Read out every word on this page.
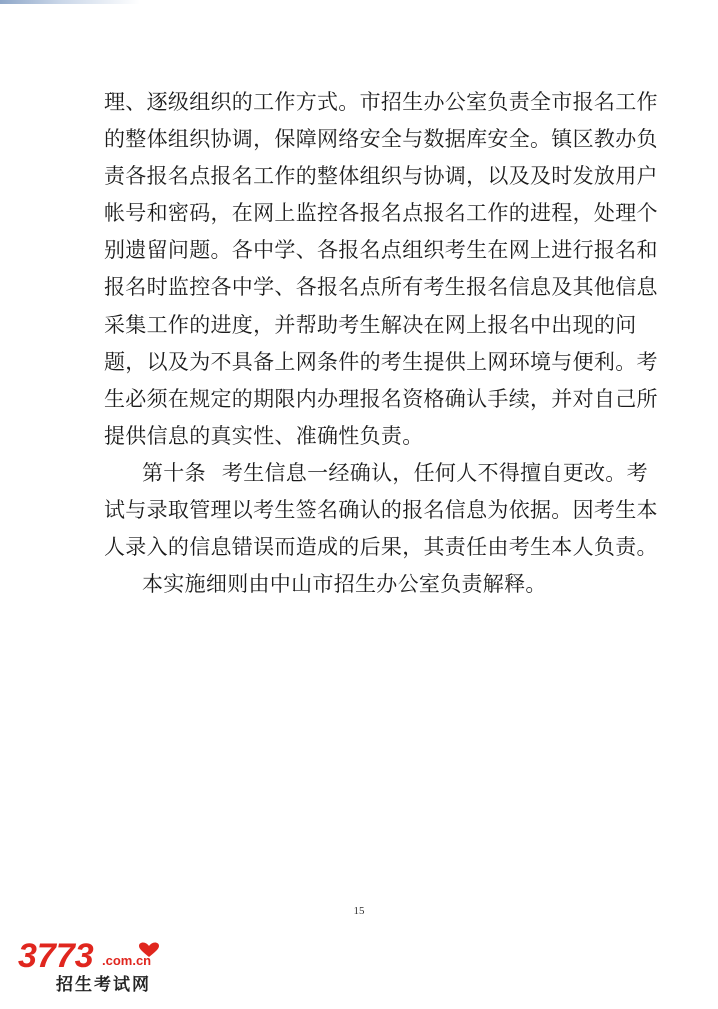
理、逐级组织的工作方式。市招生办公室负责全市报名工作
的整体组织协调，保障网络安全与数据库安全。镇区教办负
责各报名点报名工作的整体组织与协调，以及及时发放用户
帐号和密码，在网上监控各报名点报名工作的进程，处理个
别遗留问题。各中学、各报名点组织考生在网上进行报名和
报名时监控各中学、各报名点所有考生报名信息及其他信息
采集工作的进度，并帮助考生解决在网上报名中出现的问
题，以及为不具备上网条件的考生提供上网环境与便利。考
生必须在规定的期限内办理报名资格确认手续，并对自己所
提供信息的真实性、准确性负责。
第十条 考生信息一经确认，任何人不得擅自更改。考
试与录取管理以考生签名确认的报名信息为依据。因考生本
人录入的信息错误而造成的后果，其责任由考生本人负责。
本实施细则由中山市招生办公室负责解释。
15
3773 .com.cn
招生考试网
